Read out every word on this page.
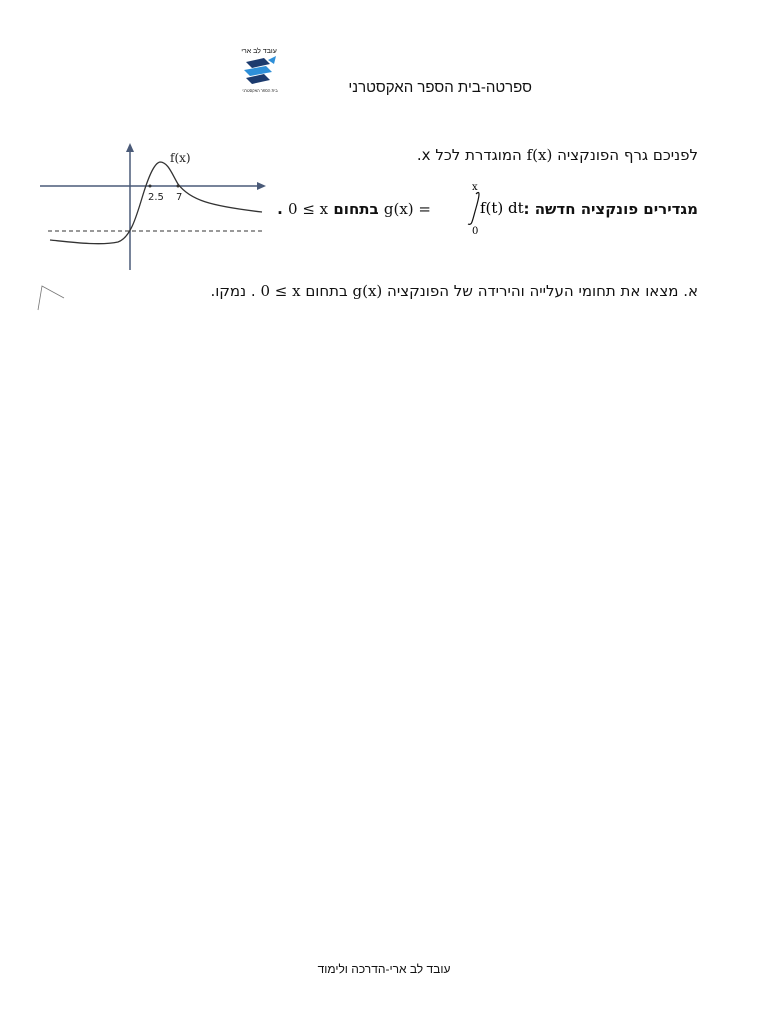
עובד לב ארי
בית הספר האקסטרני	ספרטה-בית הספר האקסטרני
2.5 7
f(x)	לפניכם גרף הפונקציה f(x) המוגדרת לכל x.
מגדירים פונקציה חדשה :  g(x) = בתחום 0 ≤ x .
x
0
f(t) dt
א. מצאו את תחומי העלייה והירידה של הפונקציה g(x) בתחום 0 ≤ x . נמקו.
עובד לב ארי-הדרכה ולימוד
